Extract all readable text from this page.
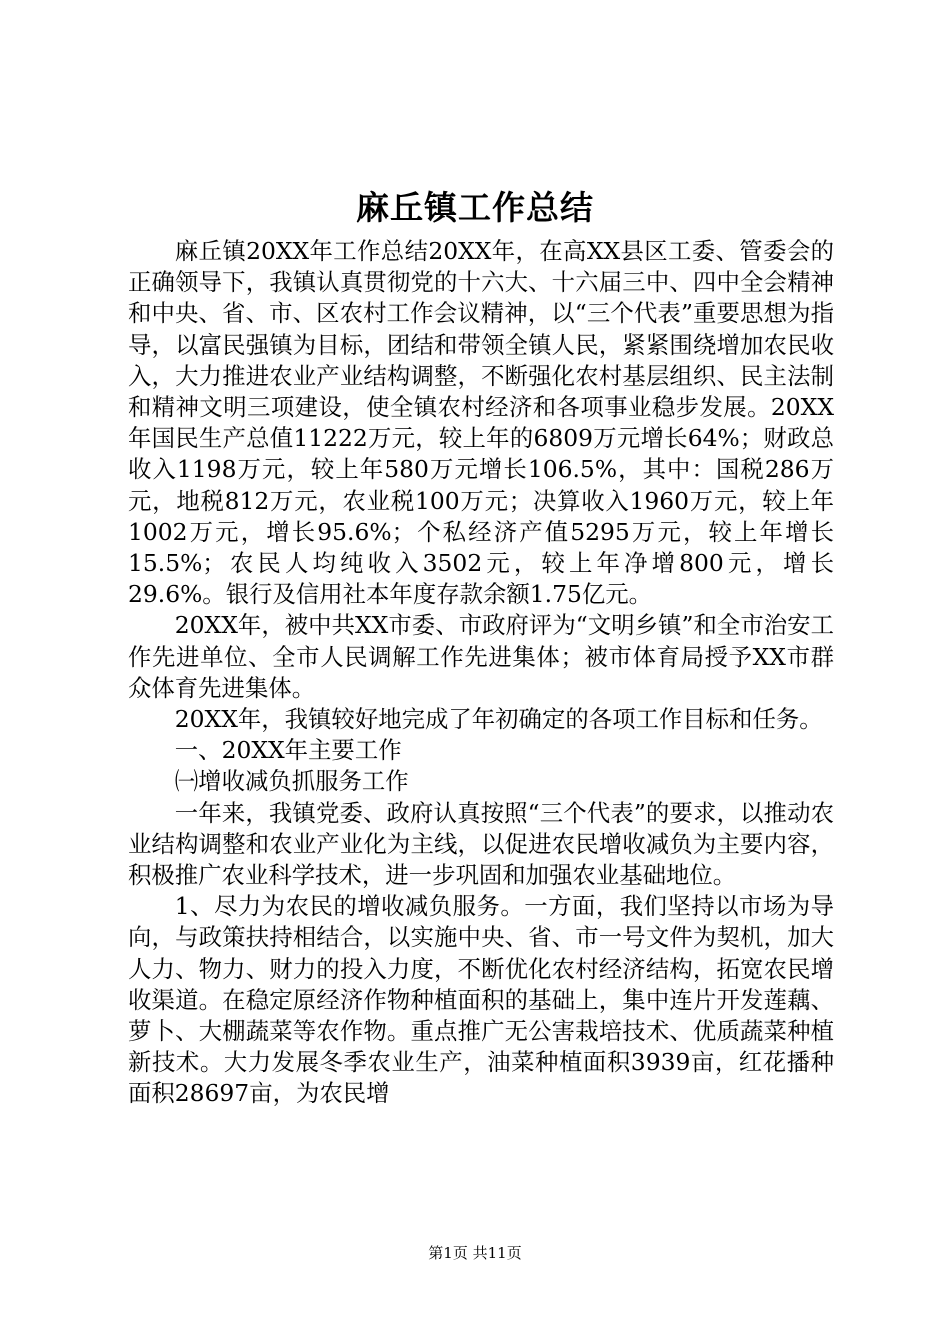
麻丘镇工作总结

麻丘镇20XX年工作总结20XX年，在高XX县区工委、管委会的正确领导下，我镇认真贯彻党的十六大、十六届三中、四中全会精神和中央、省、市、区农村工作会议精神，以“三个代表”重要思想为指导，以富民强镇为目标，团结和带领全镇人民，紧紧围绕增加农民收入，大力推进农业产业结构调整，不断强化农村基层组织、民主法制和精神文明三项建设，使全镇农村经济和各项事业稳步发展。20XX年国民生产总值11222万元，较上年的6809万元增长64%；财政总收入1198万元，较上年580万元增长106.5%，其中：国税286万元，地税812万元，农业税100万元；决算收入1960万元，较上年1002万元，增长95.6%；个私经济产值5295万元，较上年增长15.5%；农民人均纯收入3502元，较上年净增800元，增长29.6%。银行及信用社本年度存款余额1.75亿元。

20XX年，被中共XX市委、市政府评为“文明乡镇”和全市治安工作先进单位、全市人民调解工作先进集体；被市体育局授予XX市群众体育先进集体。

20XX年，我镇较好地完成了年初确定的各项工作目标和任务。

一、20XX年主要工作

㈠增收减负抓服务工作

一年来，我镇党委、政府认真按照“三个代表”的要求，以推动农业结构调整和农业产业化为主线，以促进农民增收减负为主要内容，积极推广农业科学技术，进一步巩固和加强农业基础地位。

1、尽力为农民的增收减负服务。一方面，我们坚持以市场为导向，与政策扶持相结合，以实施中央、省、市一号文件为契机，加大人力、物力、财力的投入力度，不断优化农村经济结构，拓宽农民增收渠道。在稳定原经济作物种植面积的基础上，集中连片开发莲藕、萝卜、大棚蔬菜等农作物。重点推广无公害栽培技术、优质蔬菜种植新技术。大力发展冬季农业生产，油菜种植面积3939亩，红花播种面积28697亩，为农民增

第1页 共11页
